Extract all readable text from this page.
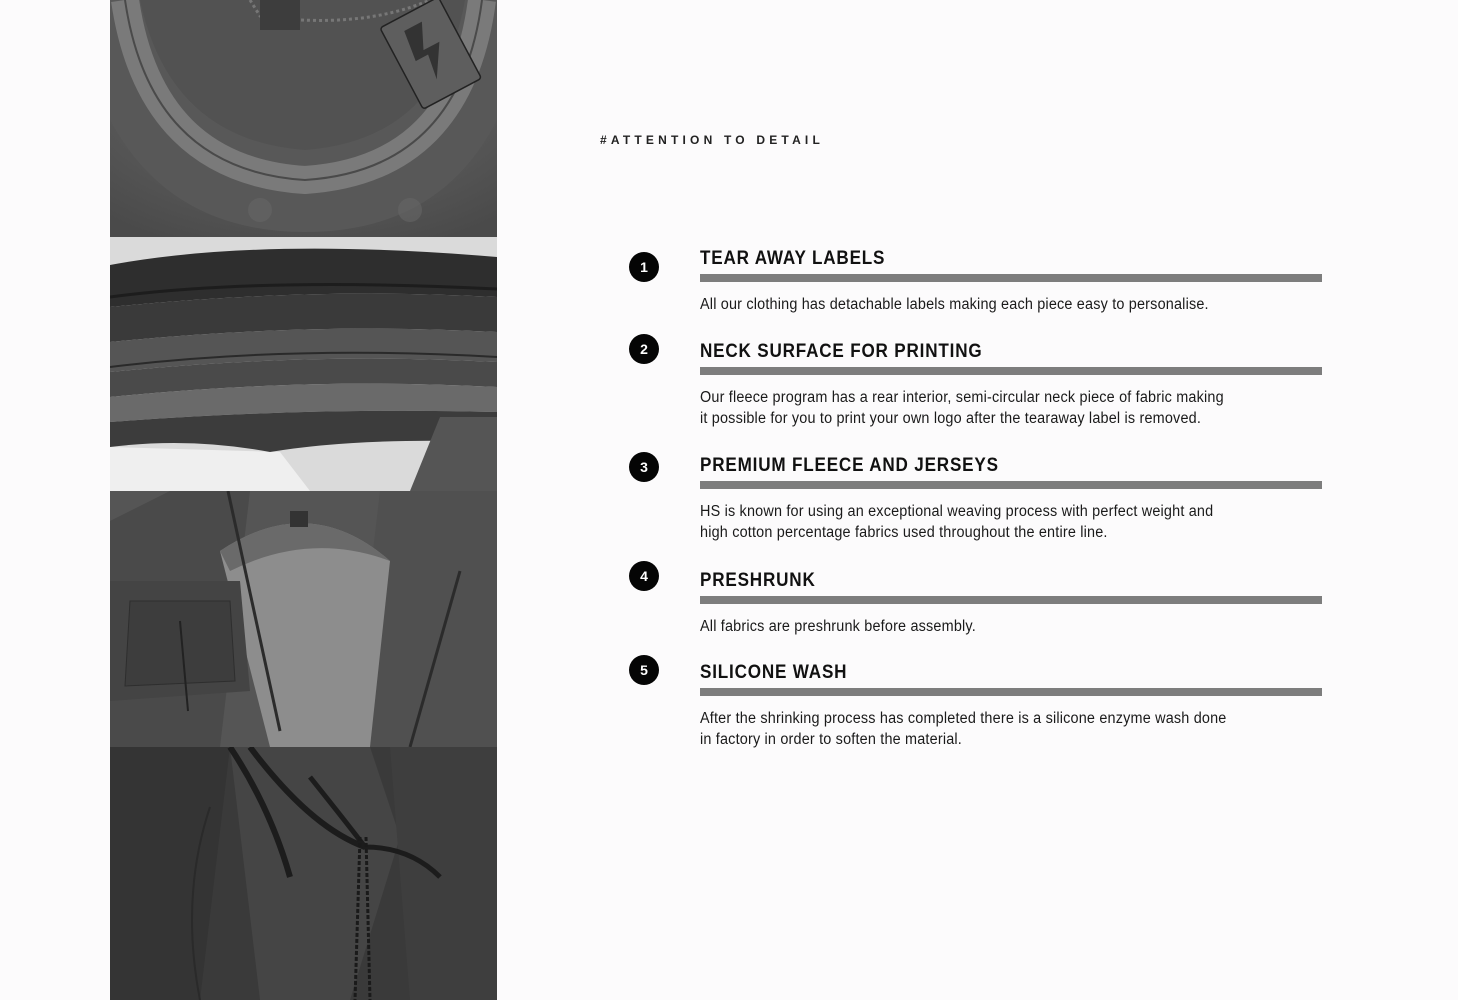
#ATTENTION TO DETAIL
1	TEAR AWAY LABELS
All our clothing has detachable labels making each piece easy to personalise.
2	NECK SURFACE FOR PRINTING
Our fleece program has a rear interior, semi-circular neck piece of fabric making
it possible for you to print your own logo after the tearaway label is removed.
3	PREMIUM FLEECE AND JERSEYS
HS is known for using an exceptional weaving process with perfect weight and
high cotton percentage fabrics used throughout the entire line.
4	PRESHRUNK
All fabrics are preshrunk before assembly.
5	SILICONE WASH
After the shrinking process has completed there is a silicone enzyme wash done
in factory in order to soften the material.
